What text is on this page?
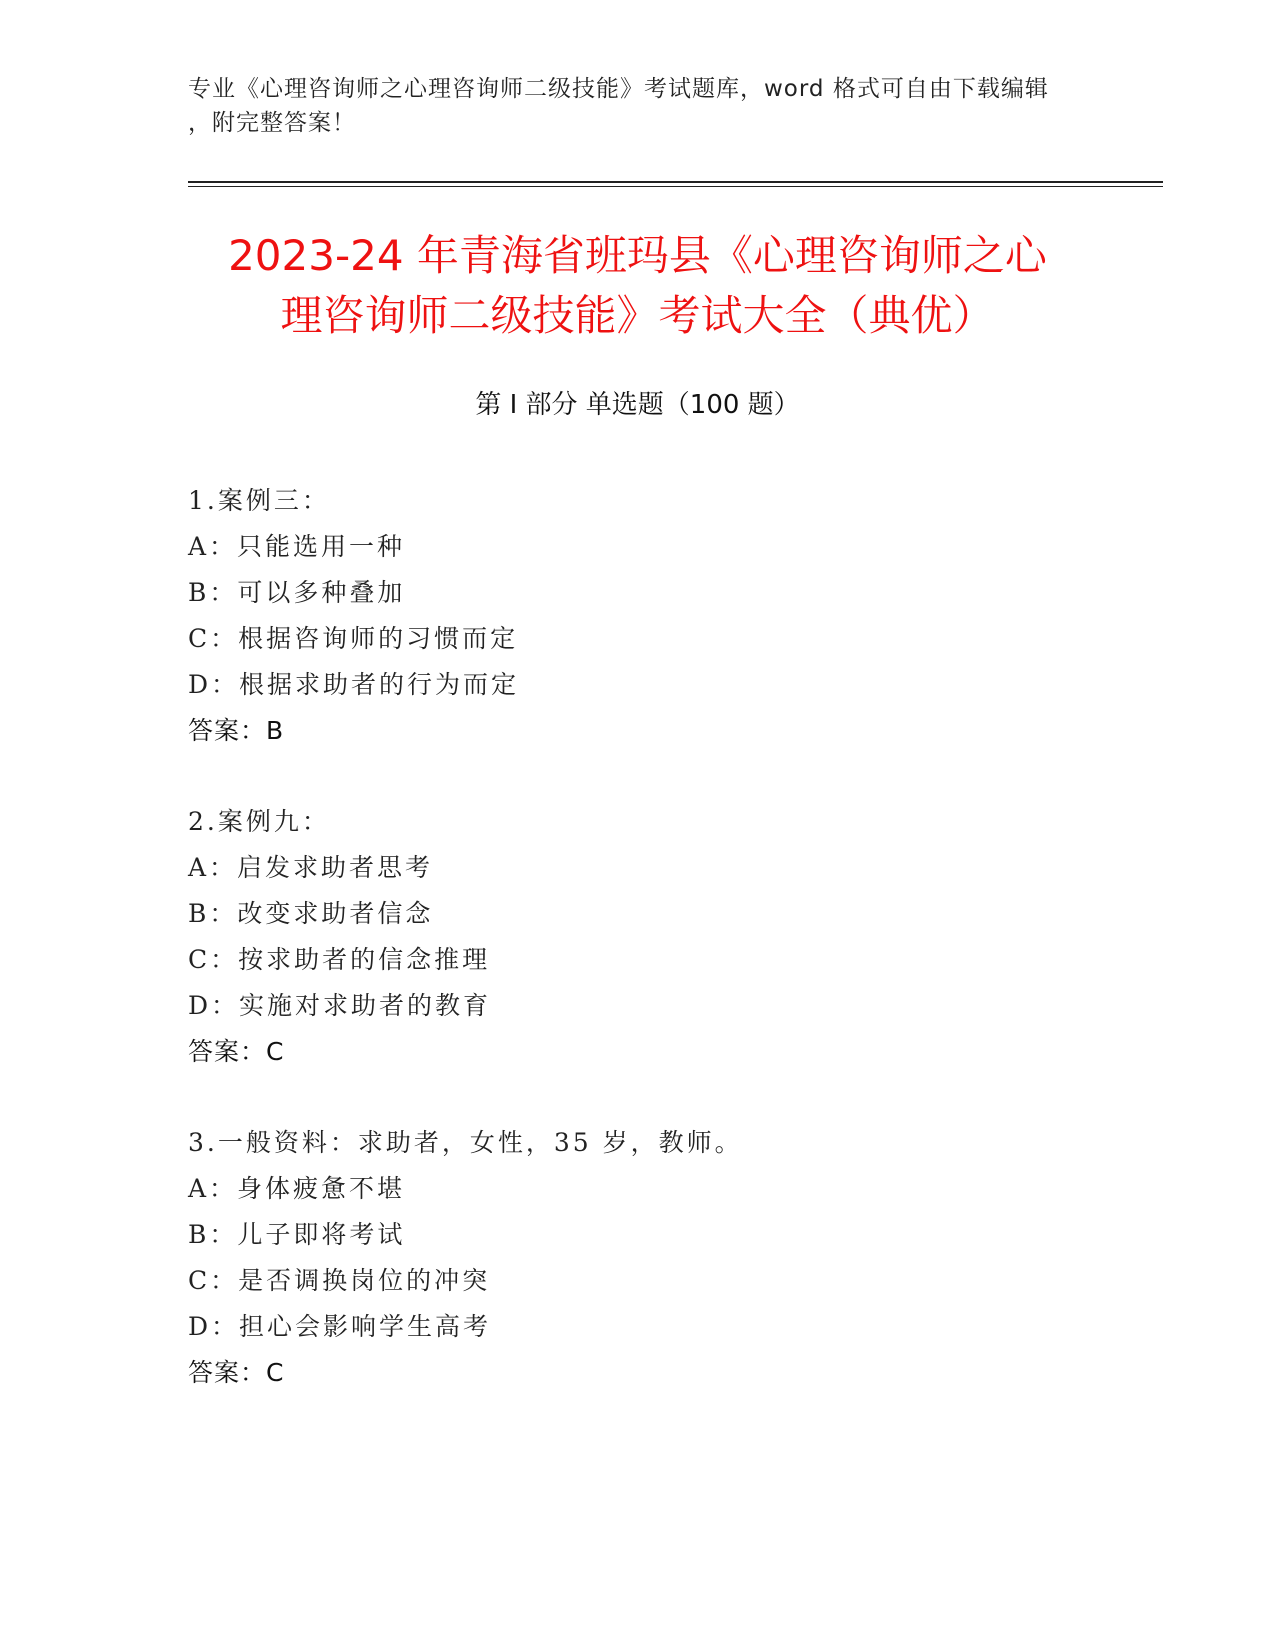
专业《心理咨询师之心理咨询师二级技能》考试题库，word 格式可自由下载编辑
，附完整答案！
2023-24 年青海省班玛县《心理咨询师之心
理咨询师二级技能》考试大全（典优）
第 I 部分 单选题（100 题）
1.案例三：
A：只能选用一种
B：可以多种叠加
C：根据咨询师的习惯而定
D：根据求助者的行为而定
答案：B
2.案例九：
A：启发求助者思考
B：改变求助者信念
C：按求助者的信念推理
D：实施对求助者的教育
答案：C
3.一般资料：求助者，女性，35 岁，教师。
A：身体疲惫不堪
B：儿子即将考试
C：是否调换岗位的冲突
D：担心会影响学生高考
答案：C
